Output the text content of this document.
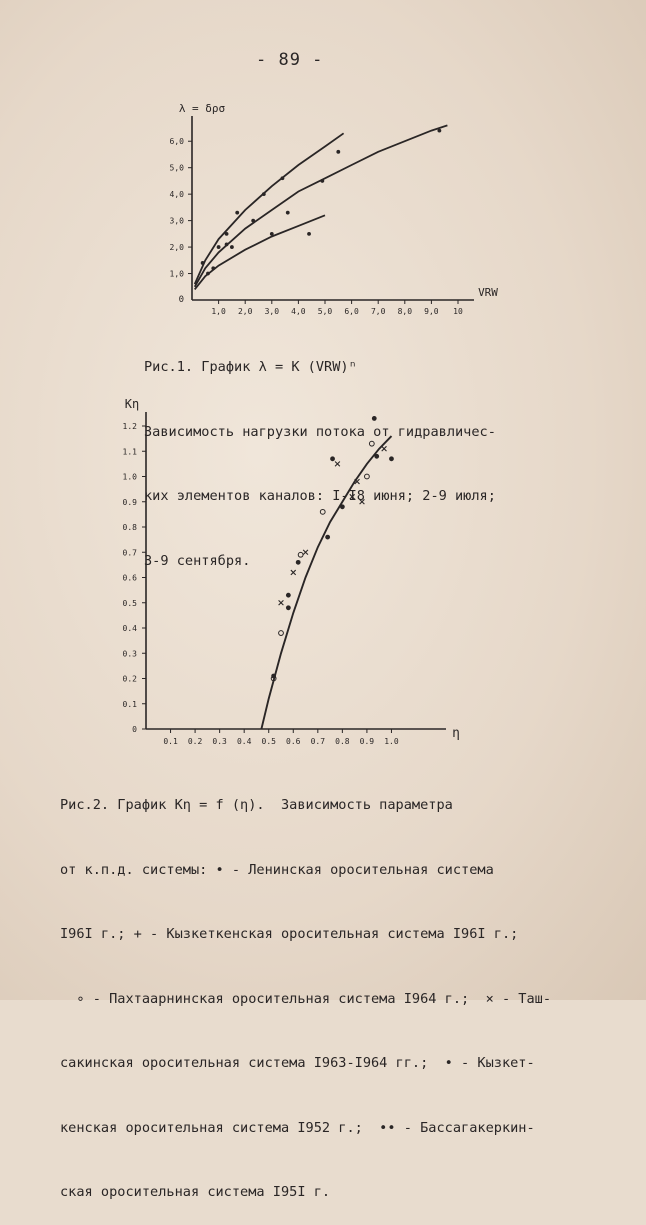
- 89 -
λ = δρσ
VRW
1,0 2,0 3,0 4,0 5,0 6,0 7,0 8,0 9,0 10
0
1,0
2,0
3,0
4,0
5,0
6,0
Kη
η
0.1 0.2 0.3 0.4 0.5 0.6 0.7 0.8 0.9 1.0
0
0.1
0.2
0.3
0.4
0.5
0.6
0.7
0.8
0.9
1.0
1.1
1.2

Рис.1. График λ = K (VRW)ⁿ

Зависимость нагрузки потока от гидравличес-

ких элементов каналов: I-I8 июня; 2-9 июля;

3-9 сентября.

Рис.2. График Kη = f (η).  Зависимость параметра

от к.п.д. системы: • - Ленинская оросительная система

I96I г.; + - Кызкеткенская оросительная система I96I г.;

∘ - Пахтаарнинская оросительная система I964 г.;  × - Таш-

сакинская оросительная система I963-I964 гг.;  • - Кызкет-

кенская оросительная система I952 г.;  •• - Бассагакеркин-

ская оросительная система I95I г.
